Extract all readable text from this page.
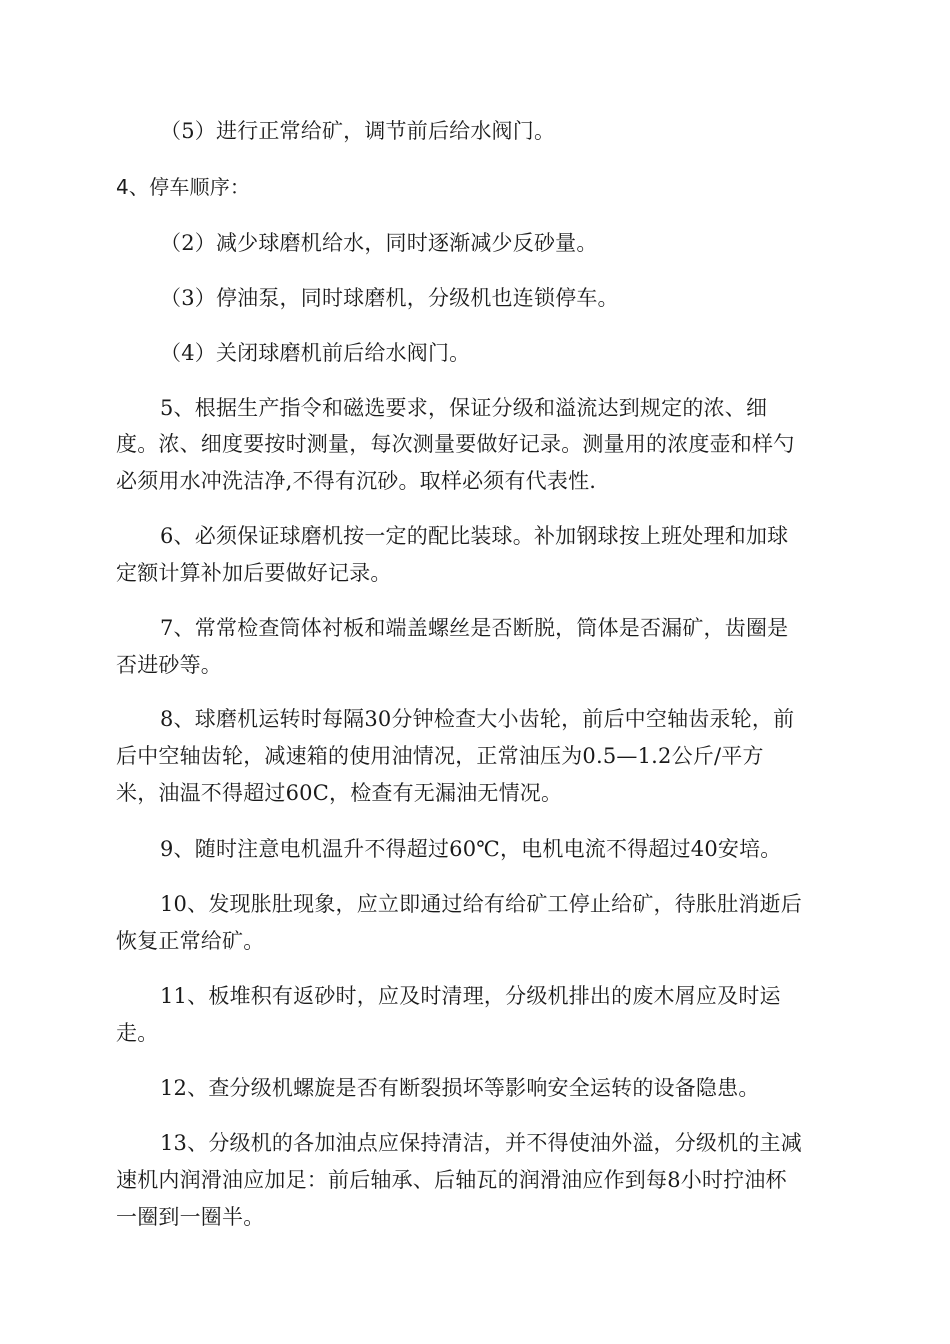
（5）进行正常给矿，调节前后给水阀门。
4、停车顺序：
（2）减少球磨机给水，同时逐渐减少反砂量。
（3）停油泵，同时球磨机，分级机也连锁停车。
（4）关闭球磨机前后给水阀门。
5、根据生产指令和磁选要求，保证分级和溢流达到规定的浓、细
度。浓、细度要按时测量，每次测量要做好记录。测量用的浓度壶和样勺
必须用水冲洗洁净,不得有沉砂。取样必须有代表性.
6、必须保证球磨机按一定的配比装球。补加钢球按上班处理和加球
定额计算补加后要做好记录。
7、常常检查筒体衬板和端盖螺丝是否断脱，筒体是否漏矿，齿圈是
否进砂等。
8、球磨机运转时每隔30分钟检查大小齿轮，前后中空轴齿汞轮，前
后中空轴齿轮，减速箱的使用油情况，正常油压为0.5—1.2公斤/平方
米，油温不得超过60C，检查有无漏油无情况。
9、随时注意电机温升不得超过60℃，电机电流不得超过40安培。
10、发现胀肚现象，应立即通过给有给矿工停止给矿，待胀肚消逝后
恢复正常给矿。
11、板堆积有返砂时，应及时清理，分级机排出的废木屑应及时运
走。
12、查分级机螺旋是否有断裂损坏等影响安全运转的设备隐患。
13、分级机的各加油点应保持清洁，并不得使油外溢，分级机的主减
速机内润滑油应加足：前后轴承、后轴瓦的润滑油应作到每8小时拧油杯
一圈到一圈半。
